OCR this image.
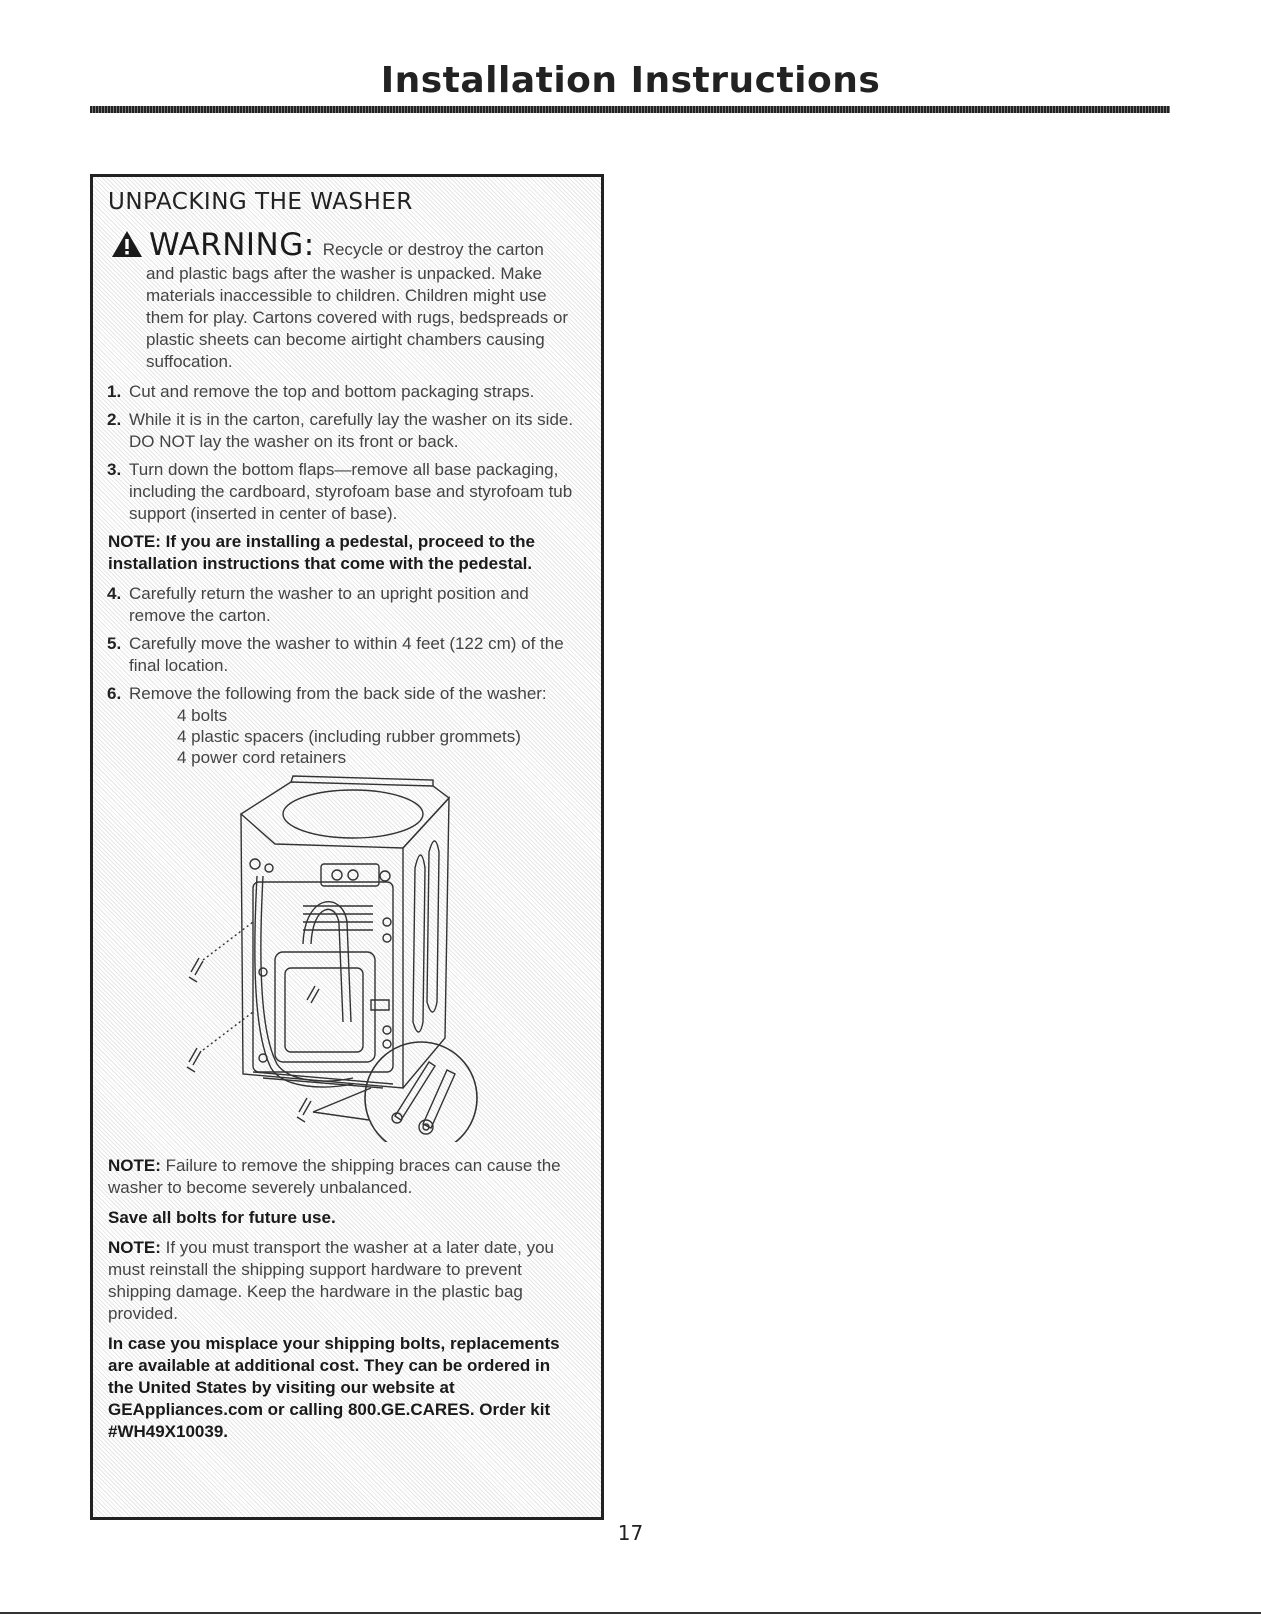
Installation Instructions
UNPACKING THE WASHER
WARNING: Recycle or destroy the carton
and plastic bags after the washer is unpacked. Make materials inaccessible to children. Children might use them for play. Cartons covered with rugs, bedspreads or plastic sheets can become airtight chambers causing suffocation.
1. Cut and remove the top and bottom packaging straps.
2. While it is in the carton, carefully lay the washer on its side. DO NOT lay the washer on its front or back.
3. Turn down the bottom flaps—remove all base packaging, including the cardboard, styrofoam base and styrofoam tub support (inserted in center of base).
NOTE: If you are installing a pedestal, proceed to the installation instructions that come with the pedestal.
4. Carefully return the washer to an upright position and remove the carton.
5. Carefully move the washer to within 4 feet (122 cm) of the final location.
6. Remove the following from the back side of the washer:
4 bolts
4 plastic spacers (including rubber grommets)
4 power cord retainers
NOTE: Failure to remove the shipping braces can cause the washer to become severely unbalanced.
Save all bolts for future use.
NOTE: If you must transport the washer at a later date, you must reinstall the shipping support hardware to prevent shipping damage. Keep the hardware in the plastic bag provided.
In case you misplace your shipping bolts, replacements are available at additional cost. They can be ordered in the United States by visiting our website at GEAppliances.com or calling 800.GE.CARES. Order kit #WH49X10039.
17
